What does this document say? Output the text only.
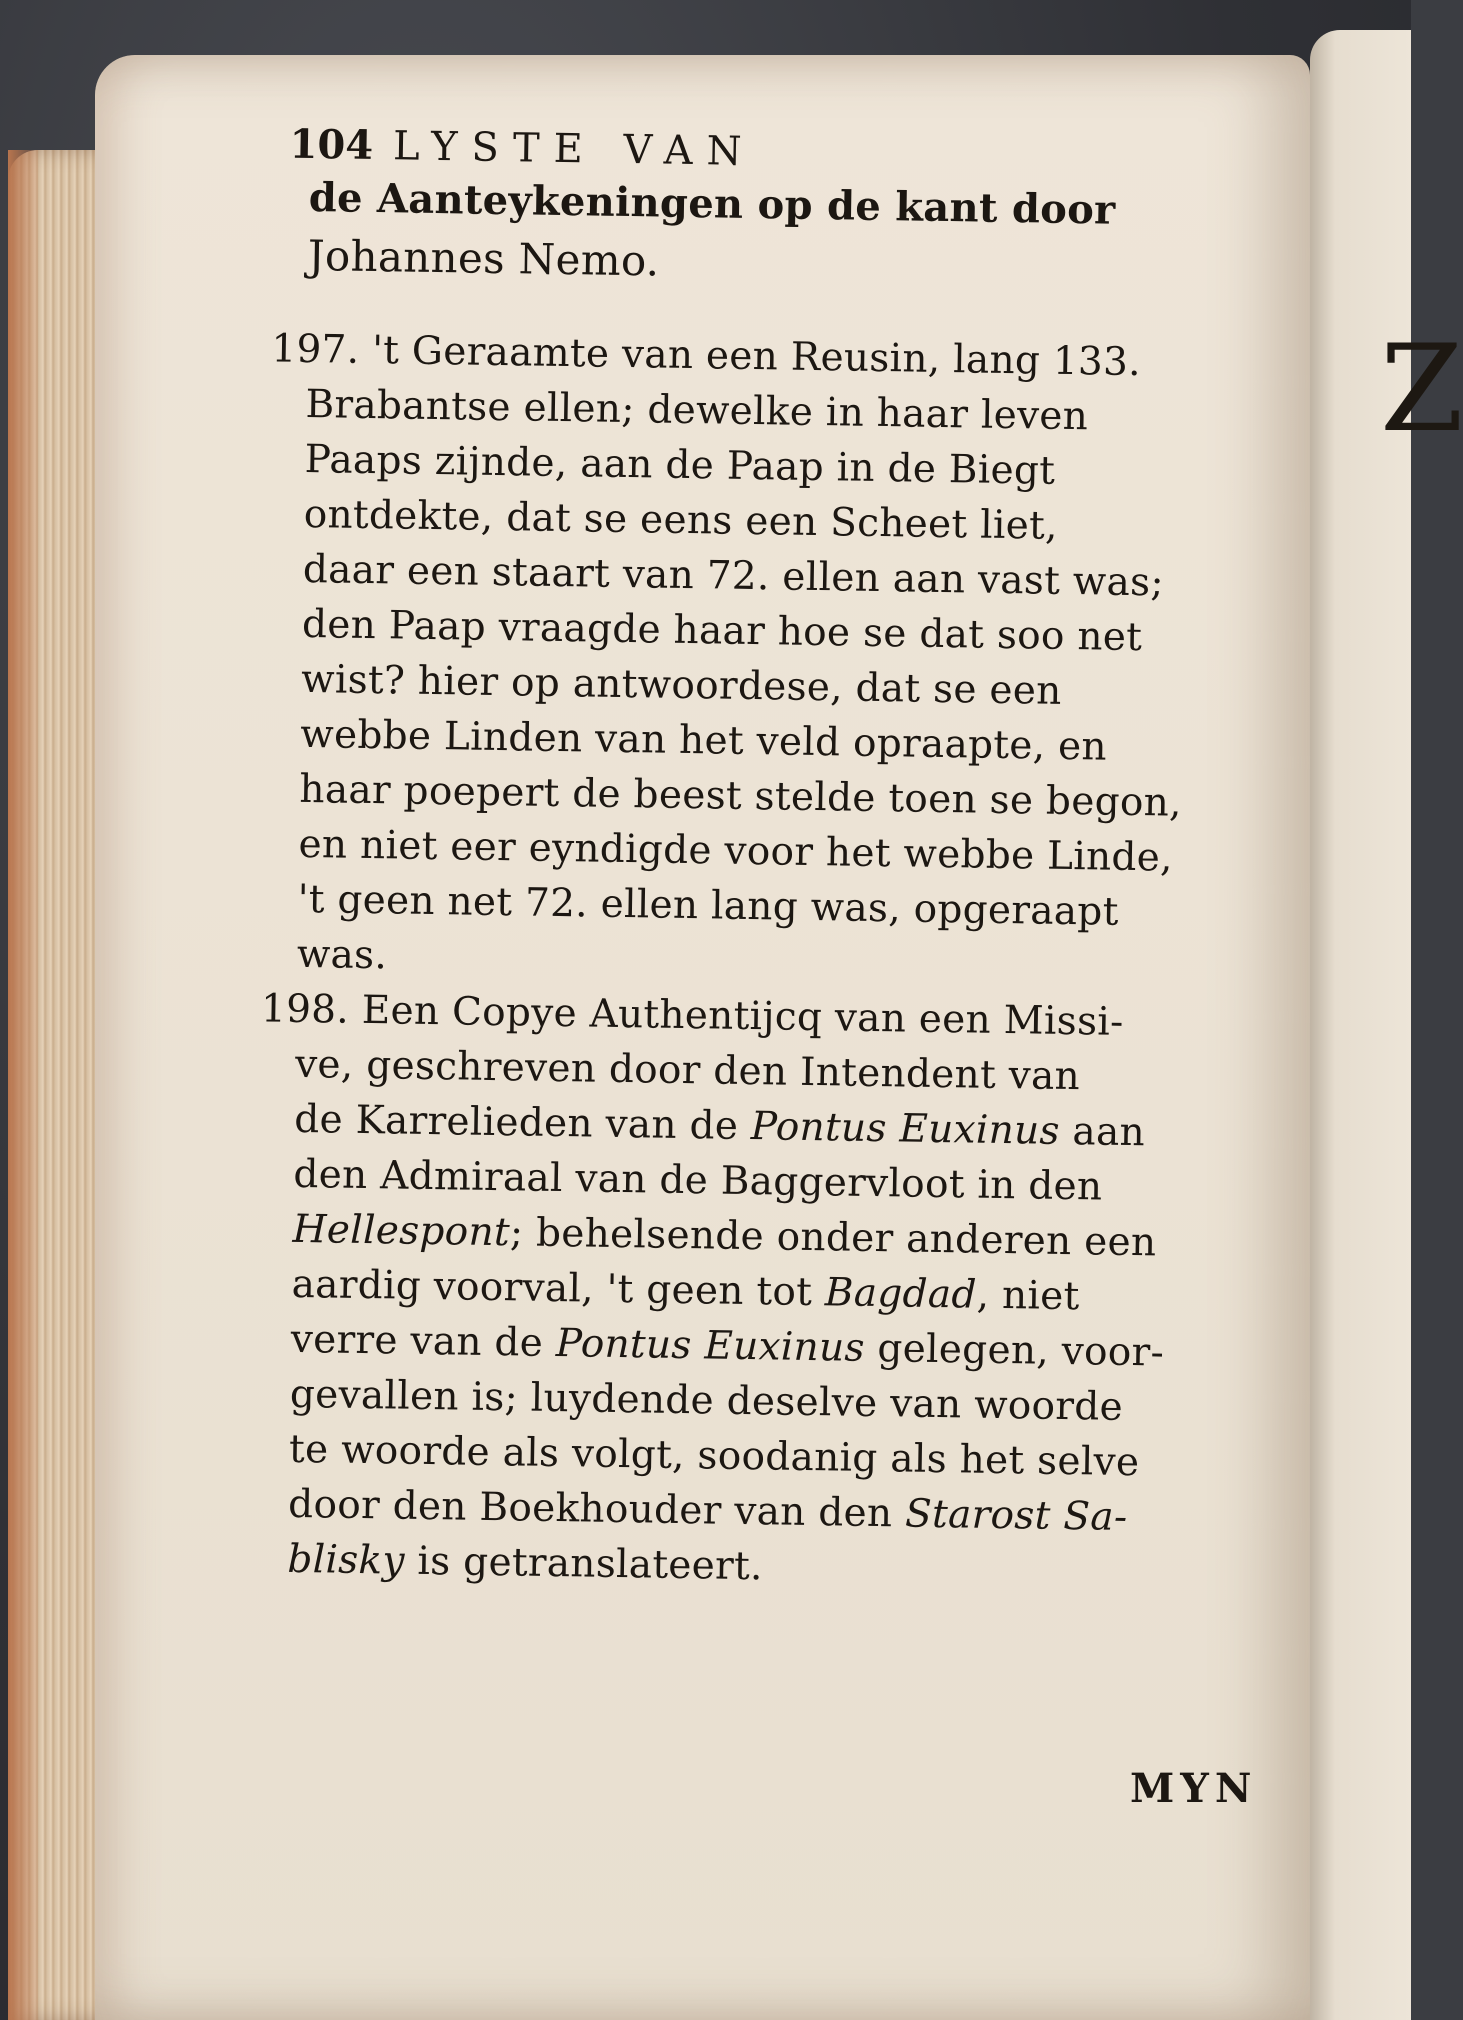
Z
104 LYSTE VAN
de Aanteykeningen op de kant door
Johannes Nemo.
197. 't Geraamte van een Reusin, lang 133.
Brabantse ellen; dewelke in haar leven
Paaps zijnde, aan de Paap in de Biegt
ontdekte, dat se eens een Scheet liet,
daar een staart van 72. ellen aan vast was;
den Paap vraagde haar hoe se dat soo net
wist? hier op antwoordese, dat se een
webbe Linden van het veld opraapte, en
haar poepert de beest stelde toen se begon,
en niet eer eyndigde voor het webbe Linde,
't geen net 72. ellen lang was, opgeraapt
was.
198. Een Copye Authentijcq van een Missi-
ve, geschreven door den Intendent van
de Karrelieden van de Pontus Euxinus aan
den Admiraal van de Baggervloot in den
Hellespont; behelsende onder anderen een
aardig voorval, 't geen tot Bagdad, niet
verre van de Pontus Euxinus gelegen, voor-
gevallen is; luydende deselve van woorde
te woorde als volgt, soodanig als het selve
door den Boekhouder van den Starost Sa-
blisky is getranslateert.
MYN
